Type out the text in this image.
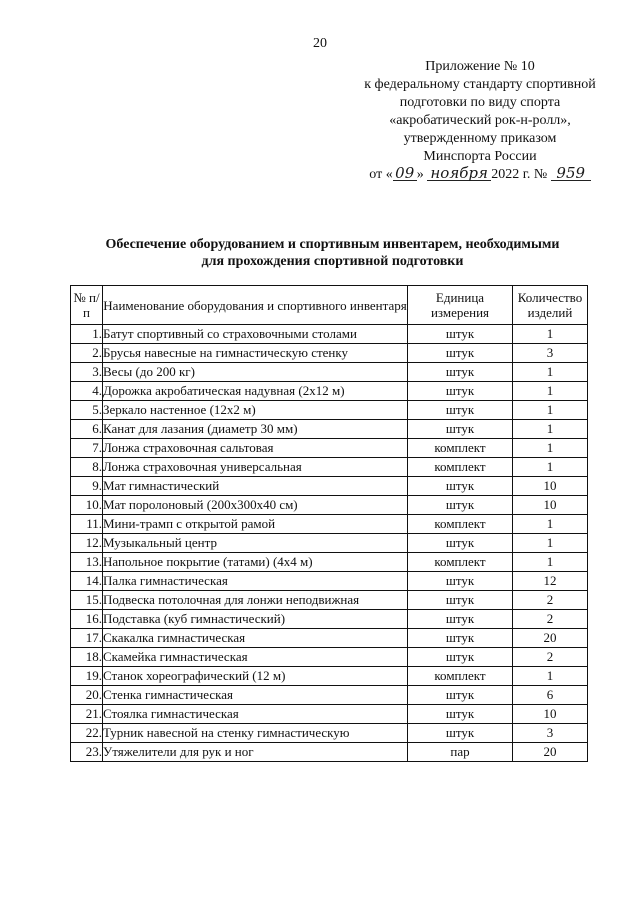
20
Приложение № 10
к федеральному стандарту спортивной
подготовки по виду спорта
«акробатический рок-н-ролл»,
утвержденному приказом
Минспорта России
от « 09 » ноября 2022 г. № 959
Обеспечение оборудованием и спортивным инвентарем, необходимыми
для прохождения спортивной подготовки
№ п/п	Наименование оборудования и спортивного инвентаря	Единица измерения	Количество изделий
1.	Батут спортивный со страховочными столами	штук	1
2.	Брусья навесные на гимнастическую стенку	штук	3
3.	Весы (до 200 кг)	штук	1
4.	Дорожка акробатическая надувная (2х12 м)	штук	1
5.	Зеркало настенное (12х2 м)	штук	1
6.	Канат для лазания (диаметр 30 мм)	штук	1
7.	Лонжа страховочная сальтовая	комплект	1
8.	Лонжа страховочная универсальная	комплект	1
9.	Мат гимнастический	штук	10
10.	Мат поролоновый (200х300х40 см)	штук	10
11.	Мини-трамп с открытой рамой	комплект	1
12.	Музыкальный центр	штук	1
13.	Напольное покрытие (татами) (4х4 м)	комплект	1
14.	Палка гимнастическая	штук	12
15.	Подвеска потолочная для лонжи неподвижная	штук	2
16.	Подставка (куб гимнастический)	штук	2
17.	Скакалка гимнастическая	штук	20
18.	Скамейка гимнастическая	штук	2
19.	Станок хореографический (12 м)	комплект	1
20.	Стенка гимнастическая	штук	6
21.	Стоялка гимнастическая	штук	10
22.	Турник навесной на стенку гимнастическую	штук	3
23.	Утяжелители для рук и ног	пар	20
